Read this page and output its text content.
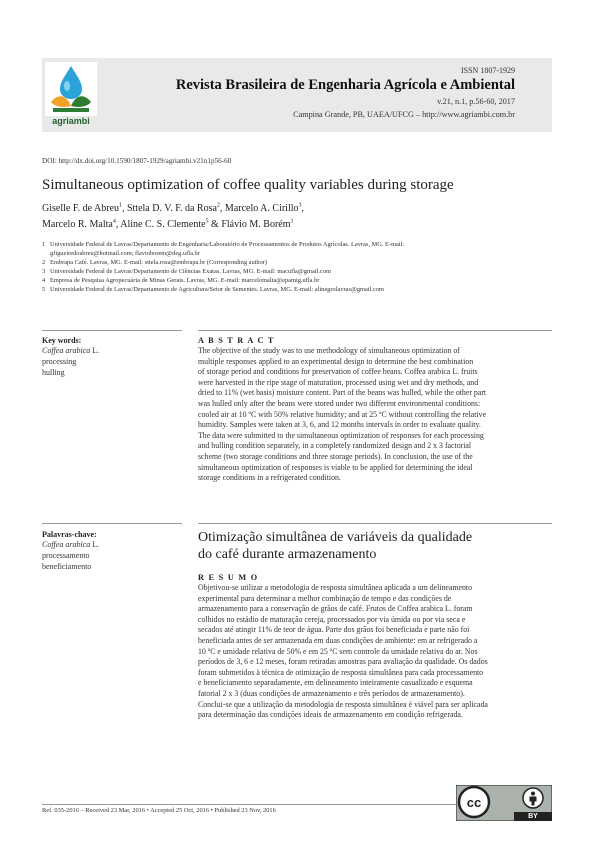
agriambi
ISSN 1807-1929
Revista Brasileira de Engenharia Agrícola e Ambiental
v.21, n.1, p.56-60, 2017
Campina Grande, PB, UAEA/UFCG – http://www.agriambi.com.br
DOI: http://dx.doi.org/10.1590/1807-1929/agriambi.v21n1p56-60
Simultaneous optimization of coffee quality variables during storage
Giselle F. de Abreu$^1$, Sttela D. V. F. da Rosa$^2$, Marcelo A. Cirillo$^3$,
Marcelo R. Malta$^4$, Aline C. S. Clemente$^5$ & Flávio M. Borém$^1$
1 Universidade Federal de Lavras/Departamento de Engenharia/Laboratório de Processamentos de Produtos Agrícolas. Lavras, MG. E-mail:
gfigueiredoabreu@hotmail.com; flavioborem@deg.ufla.br
2 Embrapa Café. Lavras, MG. E-mail: sttela.rosa@embrapa.br (Corresponding author)
3 Universidade Federal de Lavras/Departamento de Ciências Exatas. Lavras, MG. E-mail: macufla@gmail.com
4 Empresa de Pesquisa Agropecuária de Minas Gerais. Lavras, MG. E-mail: marcelomalta@epamig.ufla.br
5 Universidade Federal de Lavras/Departamento de Agricultura/Setor de Sementes. Lavras, MG. E-mail: alinegrolavras@gmail.com
Key words:
Coffea arabica L.
processing
hulling
A B S T R A C T
The objective of the study was to use methodology of simultaneous optimization of
multiple responses applied to an experimental design to determine the best combination
of storage period and conditions for preservation of coffee beans. Coffea arabica L. fruits
were harvested in the ripe stage of maturation, processed using wet and dry methods, and
dried to 11% (wet basis) moisture content. Part of the beans was hulled, while the other part
was hulled only after the beans were stored under two different environmental conditions:
cooled air at 10 ºC with 50% relative humidity; and at 25 ºC without controlling the relative
humidity. Samples were taken at 3, 6, and 12 months intervals in order to evaluate quality.
The data were submitted to the simultaneous optimization of responses for each processing
and hulling condition separately, in a completely randomized design and 2 x 3 factorial
scheme (two storage conditions and three storage periods). In conclusion, the use of the
simultaneous optimization of responses is viable to be applied for determining the ideal
storage conditions in a refrigerated condition.
Palavras-chave:
Coffea arabica L.
processamento
beneficiamento
Otimização simultânea de variáveis da qualidade
do café durante armazenamento
R E S U M O
Objetivou-se utilizar a metodologia de resposta simultânea aplicada a um delineamento
experimental para determinar a melhor combinação de tempo e das condições de
armazenamento para a conservação de grãos de café. Frutos de Coffea arabica L. foram
colhidos no estádio de maturação cereja, processados por via úmida ou por via seca e
secados até atingir 11% de teor de água. Parte dos grãos foi beneficiada e parte não foi
beneficiada antes de ser armazenada em duas condições de ambiente: em ar refrigerado a
10 ºC e umidade relativa de 50% e em 25 ºC sem controle da umidade relativa do ar. Nos
períodos de 3, 6 e 12 meses, foram retiradas amostras para avaliação da qualidade. Os dados
foram submetidos à técnica de otimização de resposta simultânea para cada processamento
e beneficiamento separadamente, em delineamento inteiramente casualizado e esquema
fatorial 2 x 3 (duas condições de armazenamento e três períodos de armazenamento).
Conclui-se que a utilização da metodologia de resposta simultânea é viável para ser aplicada
para determinação das condições ideais de armazenamento em condição refrigerada.
Ref. 035-2016 – Received 23 Mar, 2016 • Accepted 25 Oct, 2016 • Published 23 Nov, 2016
cc
BY
